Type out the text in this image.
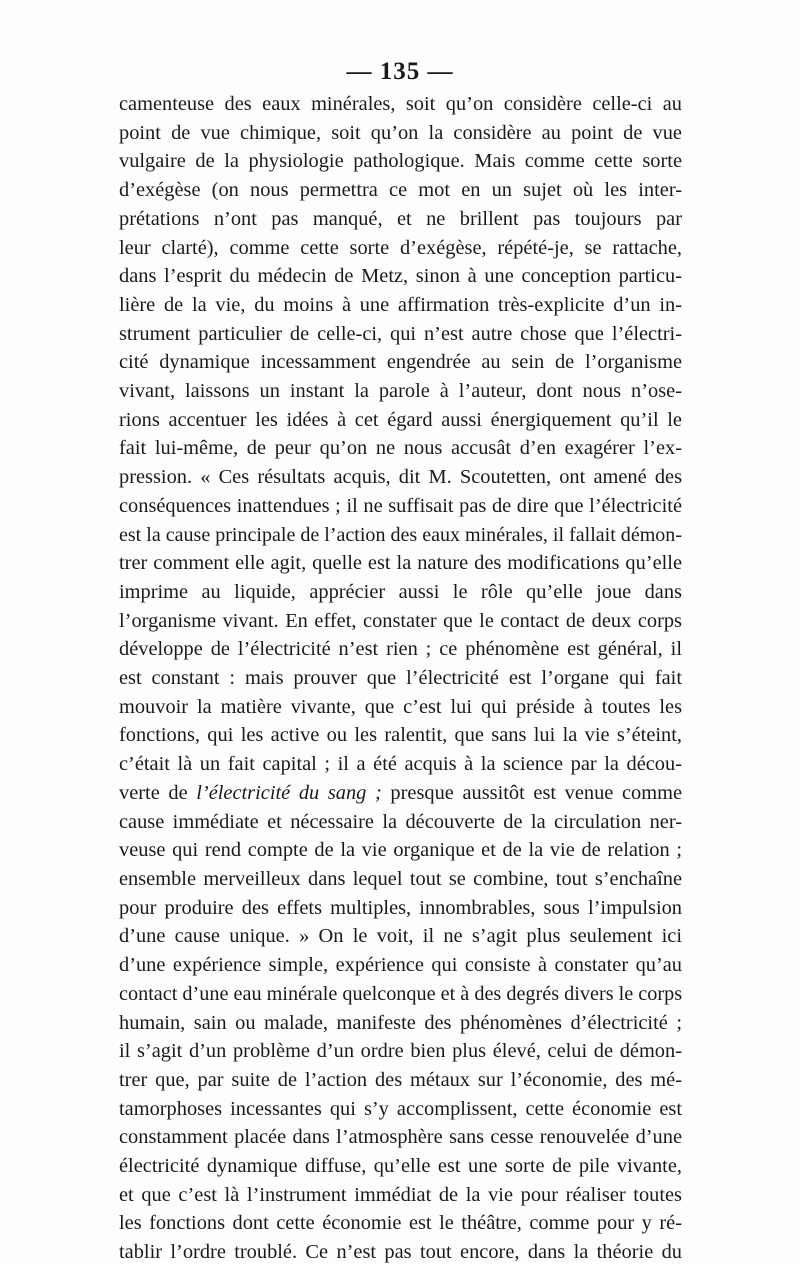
— 135 —
camenteuse des eaux minérales, soit qu’on considère celle-ci au
point de vue chimique, soit qu’on la considère au point de vue
vulgaire de la physiologie pathologique. Mais comme cette sorte
d’exégèse (on nous permettra ce mot en un sujet où les inter-
prétations n’ont pas manqué, et ne brillent pas toujours par
leur clarté), comme cette sorte d’exégèse, répété-je, se rattache,
dans l’esprit du médecin de Metz, sinon à une conception particu-
lière de la vie, du moins à une affirmation très-explicite d’un in-
strument particulier de celle-ci, qui n’est autre chose que l’électri-
cité dynamique incessamment engendrée au sein de l’organisme
vivant, laissons un instant la parole à l’auteur, dont nous n’ose-
rions accentuer les idées à cet égard aussi énergiquement qu’il le
fait lui-même, de peur qu’on ne nous accusât d’en exagérer l’ex-
pression. « Ces résultats acquis, dit M. Scoutetten, ont amené des
conséquences inattendues ; il ne suffisait pas de dire que l’électricité
est la cause principale de l’action des eaux minérales, il fallait démon-
trer comment elle agit, quelle est la nature des modifications qu’elle
imprime au liquide, apprécier aussi le rôle qu’elle joue dans
l’organisme vivant. En effet, constater que le contact de deux corps
développe de l’électricité n’est rien ; ce phénomène est général, il
est constant : mais prouver que l’électricité est l’organe qui fait
mouvoir la matière vivante, que c’est lui qui préside à toutes les
fonctions, qui les active ou les ralentit, que sans lui la vie s’éteint,
c’était là un fait capital ; il a été acquis à la science par la décou-
verte de l’électricité du sang ; presque aussitôt est venue comme
cause immédiate et nécessaire la découverte de la circulation ner-
veuse qui rend compte de la vie organique et de la vie de relation ;
ensemble merveilleux dans lequel tout se combine, tout s’enchaîne
pour produire des effets multiples, innombrables, sous l’impulsion
d’une cause unique. » On le voit, il ne s’agit plus seulement ici
d’une expérience simple, expérience qui consiste à constater qu’au
contact d’une eau minérale quelconque et à des degrés divers le corps
humain, sain ou malade, manifeste des phénomènes d’électricité ;
il s’agit d’un problème d’un ordre bien plus élevé, celui de démon-
trer que, par suite de l’action des métaux sur l’économie, des mé-
tamorphoses incessantes qui s’y accomplissent, cette économie est
constamment placée dans l’atmosphère sans cesse renouvelée d’une
électricité dynamique diffuse, qu’elle est une sorte de pile vivante,
et que c’est là l’instrument immédiat de la vie pour réaliser toutes
les fonctions dont cette économie est le théâtre, comme pour y ré-
tablir l’ordre troublé. Ce n’est pas tout encore, dans la théorie du
